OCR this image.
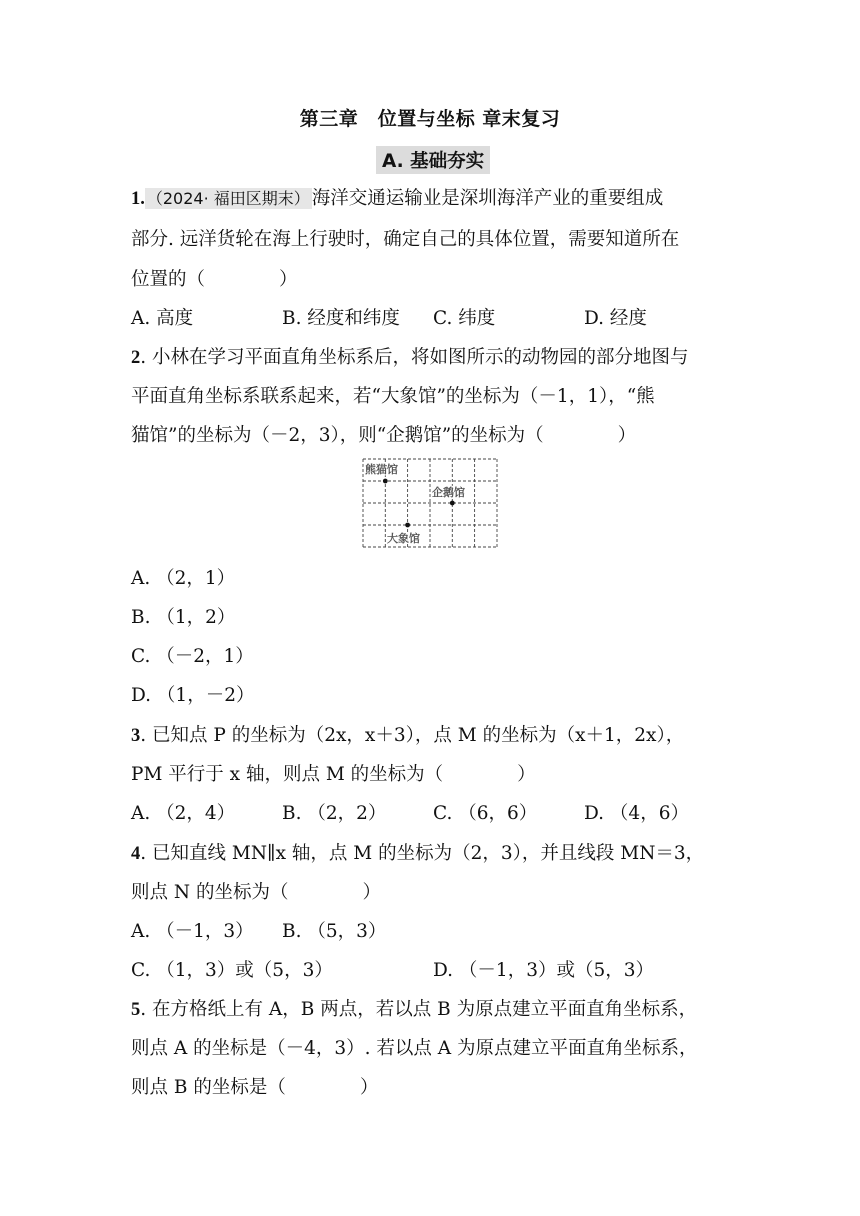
第三章　位置与坐标 章末复习
A. 基础夯实
1. （2024· 福田区期末） 海洋交通运输业是深圳海洋产业的重要组成
部分. 远洋货轮在海上行驶时，确定自己的具体位置，需要知道所在
位置的（　　　　）
A. 高度	B. 经度和纬度 C. 纬度	D. 经度
2. 小林在学习平面直角坐标系后，将如图所示的动物园的部分地图与
平面直角坐标系联系起来，若“大象馆”的坐标为（－1，1），“熊
猫馆”的坐标为（－2，3），则“企鹅馆”的坐标为（　　　　）
熊猫馆
企鹅馆
大象馆
A. （2，1）
B. （1，2）
C. （－2，1）
D. （1，－2）
3. 已知点 P 的坐标为（2x，x＋3），点 M 的坐标为（x＋1，2x），
PM 平行于 x 轴，则点 M 的坐标为（　　　　）
A. （2，4）	B. （2，2）	C. （6，6）	D. （4，6）
4. 已知直线 MN∥x 轴，点 M 的坐标为（2，3），并且线段 MN＝3，
则点 N 的坐标为（　　　　）
A. （－1，3） B. （5，3）
C. （1，3）或（5，3）	D. （－1，3）或（5，3）
5. 在方格纸上有 A，B 两点，若以点 B 为原点建立平面直角坐标系，
则点 A 的坐标是（－4，3）. 若以点 A 为原点建立平面直角坐标系，
则点 B 的坐标是（　　　　）
